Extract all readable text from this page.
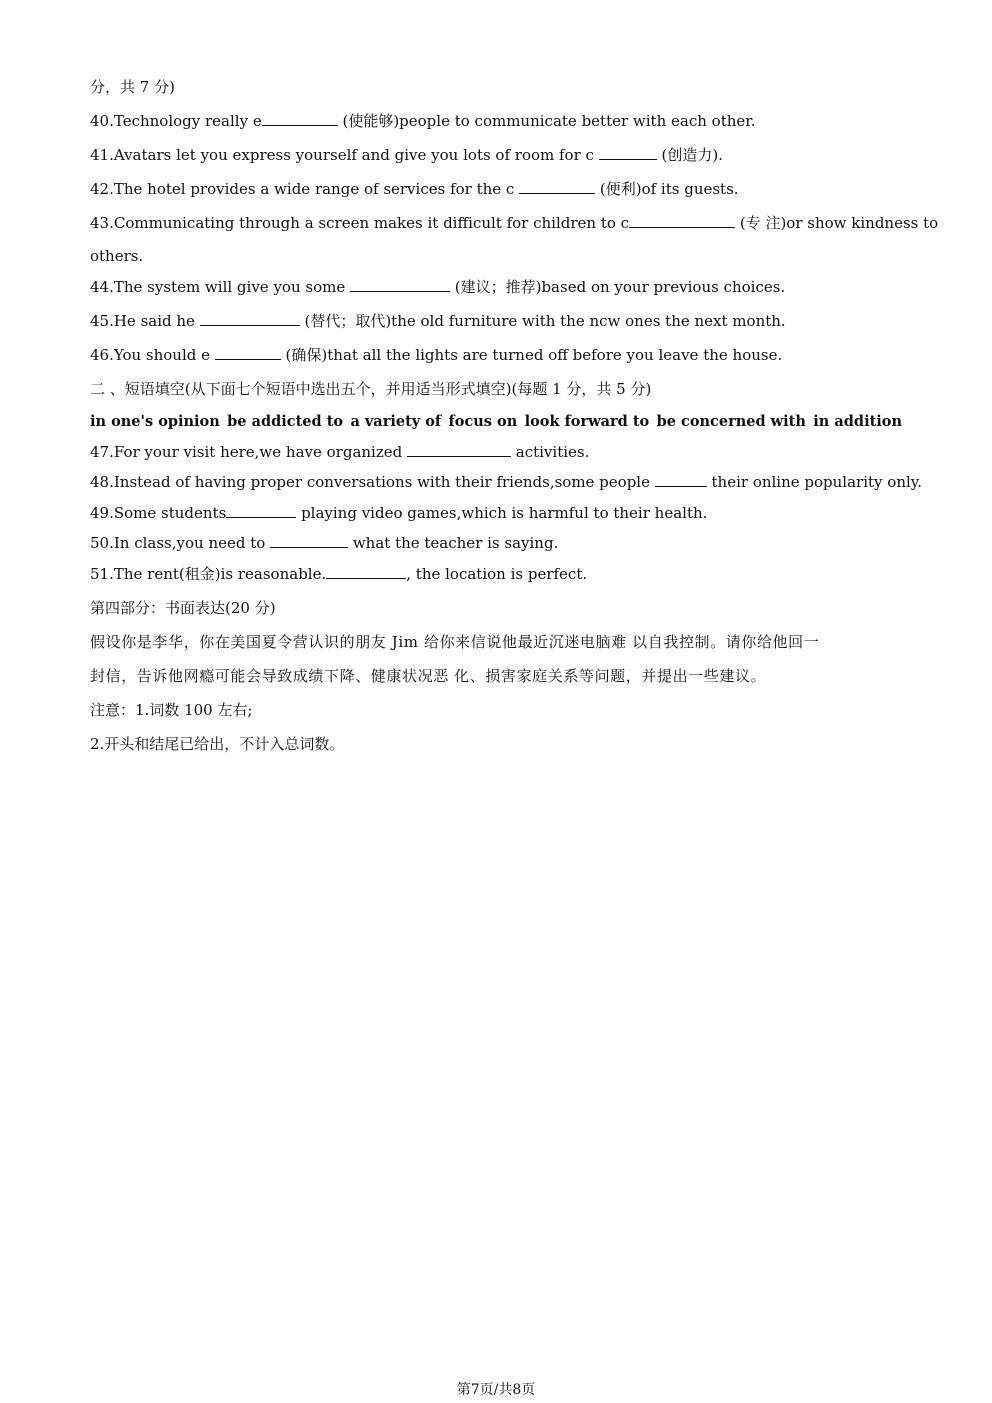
分，共 7 分)
40.Technology really e	(使能够)people to communicate better with each other.
41.Avatars let you express yourself and give you lots of room for c	(创造力).
42.The hotel provides a wide range of services for the c	(便利)of its guests.
43.Communicating through a screen makes it difficult for children to c	(专 注)or show kindness to
others.
44.The system will give you some	(建议；推荐)based on your previous choices.
45.He said he	(替代；取代)the old furniture with the ncw ones the next month.
46.You should e	(确保)that all the lights are turned off before you leave the house.
二 、短语填空(从下面七个短语中选出五个，并用适当形式填空)(每题 1 分，共 5 分)
in one's opinion be addicted to a variety of focus on look forward to be concerned with in addition
47.For your visit here,we have organized	activities.
48.Instead of having proper conversations with their friends,some people	their online popularity only.
49.Some students	playing video games,which is harmful to their health.
50.In class,you need to	what the teacher is saying.
51.The rent(租金)is reasonable.	, the location is perfect.
第四部分：书面表达(20 分)
假设你是李华，你在美国夏令营认识的朋友 Jim 给你来信说他最近沉迷电脑难 以自我控制。请你给他回一
封信，告诉他网瘾可能会导致成绩下降、健康状况恶 化、损害家庭关系等问题，并提出一些建议。
注意：1.词数 100 左右;
2.开头和结尾已给出，不计入总词数。
第7页/共8页
